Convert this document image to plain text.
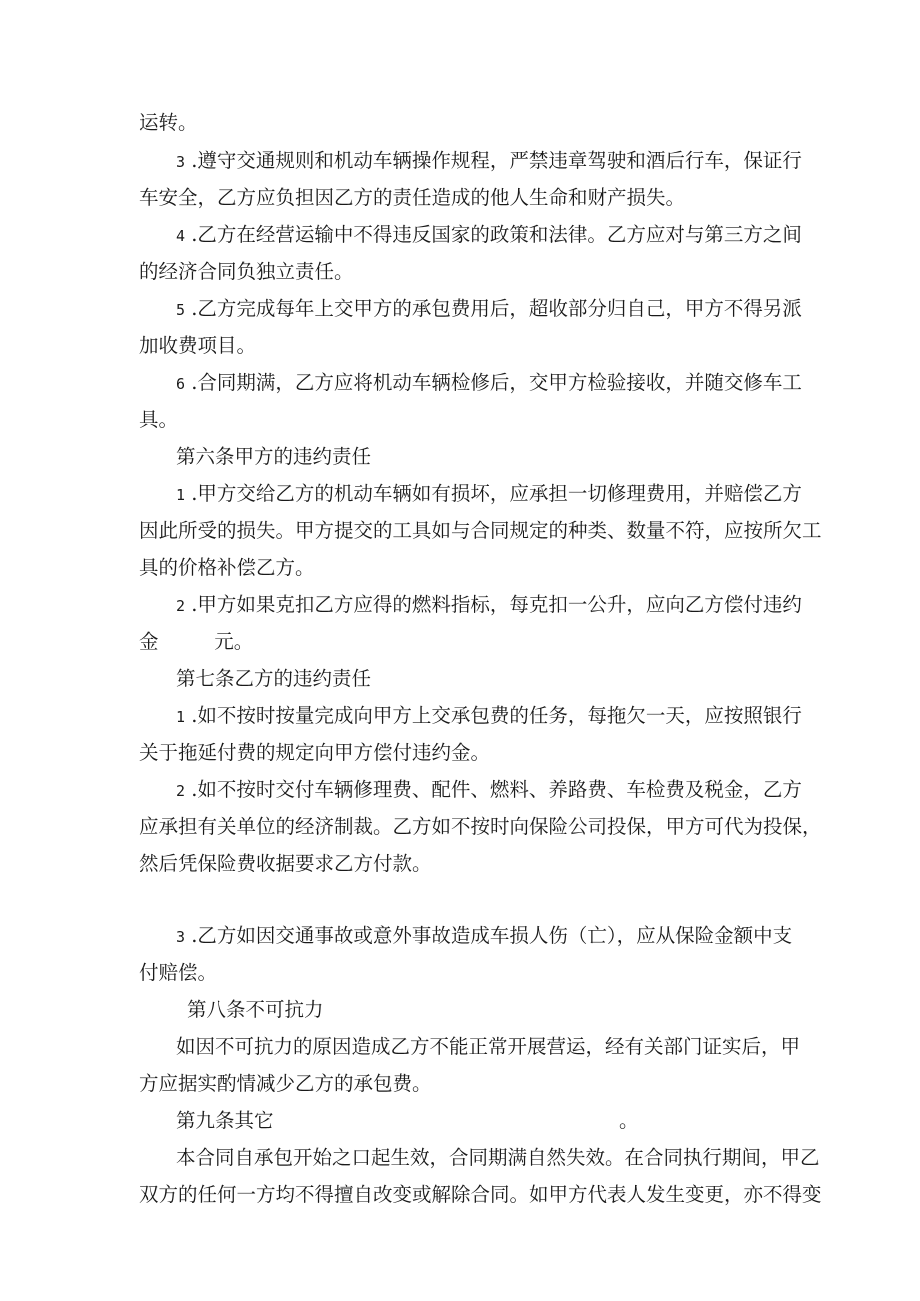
运转。
3 .遵守交通规则和机动车辆操作规程，严禁违章驾驶和酒后行车，保证行
车安全，乙方应负担因乙方的责任造成的他人生命和财产损失。
4 .乙方在经营运输中不得违反国家的政策和法律。乙方应对与第三方之间
的经济合同负独立责任。
5 .乙方完成每年上交甲方的承包费用后，超收部分归自己，甲方不得另派
加收费项目。
6 .合同期满，乙方应将机动车辆检修后，交甲方检验接收，并随交修车工
具。
第六条甲方的违约责任
1 .甲方交给乙方的机动车辆如有损坏，应承担一切修理费用，并赔偿乙方
因此所受的损失。甲方提交的工具如与合同规定的种类、数量不符，应按所欠工
具的价格补偿乙方。
2 .甲方如果克扣乙方应得的燃料指标，每克扣一公升，应向乙方偿付违约
金         元。
第七条乙方的违约责任
1 .如不按时按量完成向甲方上交承包费的任务，每拖欠一天，应按照银行
关于拖延付费的规定向甲方偿付违约金。
2 .如不按时交付车辆修理费、配件、燃料、养路费、车检费及税金，乙方
应承担有关单位的经济制裁。乙方如不按时向保险公司投保，甲方可代为投保，
然后凭保险费收据要求乙方付款。
3 .乙方如因交通事故或意外事故造成车损人伤（亡），应从保险金额中支
付赔偿。
第八条不可抗力
如因不可抗力的原因造成乙方不能正常开展营运，经有关部门证实后，甲
方应据实酌情减少乙方的承包费。
第九条其它	。
本合同自承包开始之口起生效，合同期满自然失效。在合同执行期间，甲乙
双方的任何一方均不得擅自改变或解除合同。如甲方代表人发生变更，亦不得变
